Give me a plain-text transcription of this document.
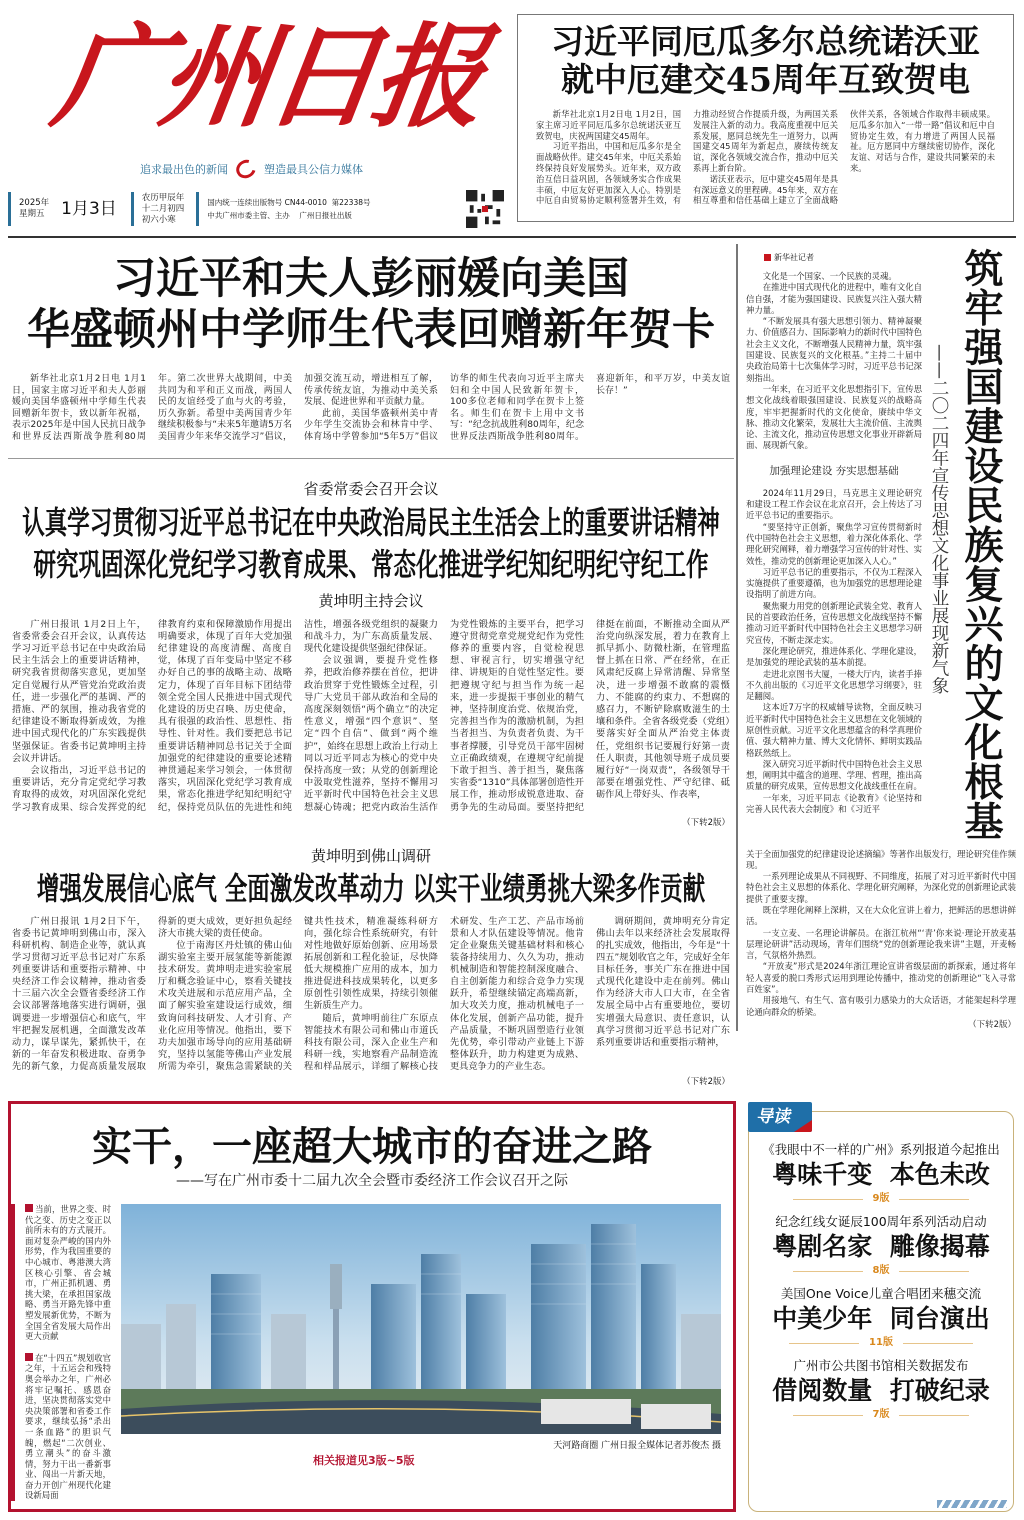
广州日报
追求最出色的新闻	塑造最具公信力媒体
2025年
星期五 1月3日
农历甲辰年
十二月初四
初六小寒
国内统一连续出版物号 CN44-0010  第22338号
中共广州市委主管、主办    广州日报社出版
习近平同厄瓜多尔总统诺沃亚
就中厄建交45周年互致贺电

新华社北京1月2日电 1月2日，国家主席习近平同厄瓜多尔总统诺沃亚互致贺电，庆祝两国建交45周年。

习近平指出，中国和厄瓜多尔是全面战略伙伴。建交45年来，中厄关系始终保持良好发展势头。近年来，双方政治互信日益巩固，各领域务实合作成果丰硕，中厄友好更加深入人心。特别是中厄自由贸易协定顺利签署并生效，有力推动经贸合作提质升级，为两国关系发展注入新的动力。我高度重视中厄关系发展，愿同总统先生一道努力，以两国建交45周年为新起点，赓续传统友谊，深化各领域交流合作，推动中厄关系再上新台阶。

诺沃亚表示，厄中建交45周年是具有深远意义的里程碑。45年来，双方在相互尊重和信任基础上建立了全面战略伙伴关系，各领域合作取得丰硕成果。厄瓜多尔加入“一带一路”倡议和厄中自贸协定生效，有力增进了两国人民福祉。厄方愿同中方继续密切协作，深化友谊、对话与合作，建设共同繁荣的未来。

习近平和夫人彭丽媛向美国
华盛顿州中学师生代表回赠新年贺卡

新华社北京1月2日电 1月1日，国家主席习近平和夫人彭丽媛向美国华盛顿州中学师生代表回赠新年贺卡，致以新年祝福，表示2025年是中国人民抗日战争和世界反法西斯战争胜利80周年。第二次世界大战期间，中美共同为和平和正义而战，两国人民的友谊经受了血与火的考验，历久弥新。希望中美两国青少年继续积极参与“未来5年邀请5万名美国青少年来华交流学习”倡议，加强交流互动，增进相互了解，传承传统友谊，为推动中美关系发展、促进世界和平贡献力量。

此前，美国华盛顿州美中青少年学生交流协会和林肯中学、体育场中学曾参加“5年5万”倡议访华的师生代表向习近平主席夫妇和全中国人民致新年贺卡，100多位老师和同学在贺卡上签名。师生们在贺卡上用中文书写：“纪念抗战胜利80周年，纪念世界反法西斯战争胜利80周年。喜迎新年，和平万岁，中美友谊长存！”

省委常委会召开会议
认真学习贯彻习近平总书记在中央政治局民主生活会上的重要讲话精神
研究巩固深化党纪学习教育成果、常态化推进学纪知纪明纪守纪工作
黄坤明主持会议

广州日报讯 1月2日上午，省委常委会召开会议，认真传达学习习近平总书记在中央政治局民主生活会上的重要讲话精神，研究我省贯彻落实意见，更加坚定自觉履行从严管党治党政治责任，进一步强化严的基调、严的措施、严的氛围，推动我省党的纪律建设不断取得新成效，为推进中国式现代化的广东实践提供坚强保证。省委书记黄坤明主持会议并讲话。

会议指出，习近平总书记的重要讲话，充分肯定党纪学习教育取得的成效，对巩固深化党纪学习教育成果、综合发挥党的纪律教育约束和保障激励作用提出明确要求，体现了百年大党加强纪律建设的高度清醒、高度自觉，体现了百年变局中坚定不移办好自己的事的战略主动、战略定力，体现了百年目标下团结带领全党全国人民推进中国式现代化建设的历史召唤、历史使命，具有很强的政治性、思想性、指导性、针对性。我们要把总书记重要讲话精神同总书记关于全面加强党的纪律建设的重要论述精神贯通起来学习领会，一体贯彻落实，巩固深化党纪学习教育成果，常态化推进学纪知纪明纪守纪，保持党员队伍的先进性和纯洁性，增强各级党组织的凝聚力和战斗力，为广东高质量发展、现代化建设提供坚强纪律保证。

会议强调，要提升党性修养，把政治修养摆在首位，把讲政治贯穿于党性锻炼全过程，引导广大党员干部从政治和全局的高度深刻领悟“两个确立”的决定性意义，增强“四个意识”、坚定“四个自信”、做到“两个维护”，始终在思想上政治上行动上同以习近平同志为核心的党中央保持高度一致；从党的创新理论中汲取党性滋养，坚持不懈用习近平新时代中国特色社会主义思想凝心铸魂；把党内政治生活作为党性锻炼的主要平台，把学习遵守贯彻党章党规党纪作为党性修养的重要内容，自觉检视思想、审视言行，切实增强守纪律、讲规矩的自觉性坚定性。要把遵规守纪与担当作为统一起来，进一步提振干事创业的精气神，坚持制度治党、依规治党，完善担当作为的激励机制，为担当者担当、为负责者负责、为干事者撑腰，引导党员干部牢固树立正确政绩观，在遵规守纪前提下敢于担当、善于担当，聚焦落实省委“1310”具体部署创造性开展工作，推动形成锐意进取、奋勇争先的生动局面。要坚持把纪律挺在前面，不断推动全面从严治党向纵深发展，着力在教育上抓早抓小、防微杜渐，在管理监督上抓在日常、严在经常，在正风肃纪反腐上异常清醒、异常坚决，进一步增强不敢腐的震慑力、不能腐的约束力、不想腐的感召力，不断铲除腐败滋生的土壤和条件。全省各级党委（党组）要落实好全面从严治党主体责任，党组织书记要履行好第一责任人职责，其他领导班子成员要履行好“一岗双责”，各级领导干部要在增强党性、严守纪律、砥砺作风上带好头、作表率，

（下转2版）
黄坤明到佛山调研
增强发展信心底气 全面激发改革动力 以实干业绩勇挑大梁多作贡献

广州日报讯 1月2日下午，省委书记黄坤明到佛山市，深入科研机构、制造企业等，就认真学习贯彻习近平总书记对广东系列重要讲话和重要指示精神、中央经济工作会议精神，推动省委十三届六次全会暨省委经济工作会议部署落地落实进行调研，强调要进一步增强信心和底气，牢牢把握发展机遇，全面激发改革动力，谋早谋先，紧抓快干，在新的一年奋发积极进取、奋勇争先的新气象，力促高质量发展取得新的更大成效，更好担负起经济大市挑大梁的责任使命。

位于南海区丹灶镇的佛山仙湖实验室主要开展氢能等新能源技术研发。黄坤明走进实验室展厅和概念验证中心，察看关键技术攻关进展和示范应用产品，全面了解实验室建设运行成效，细致询问科技研发、人才引育、产业化应用等情况。他指出，要下功夫加强市场导向的应用基础研究，坚持以氢能等佛山产业发展所需为牵引，聚焦急需紧缺的关键共性技术，精准凝练科研方向，强化综合性系统研究，有针对性地做好原始创新、应用场景拓展创新和工程化验证，尽快降低大规模推广应用的成本，加力推进促进科技成果转化，以更多原创性引领性成果，持续引领催生新质生产力。

随后，黄坤明前往广东原点智能技术有限公司和佛山市道氏科技有限公司，深入企业生产和科研一线，实地察看产品制造流程和样品展示，详细了解核心技术研发、生产工艺、产品市场前景和人才队伍建设等情况。他肯定企业聚焦关键基础材料和核心装备持续用力、久久为功，推动机械制造和智能控制深度融合、自主创新能力和综合竞争力实现跃升，希望继续锚定高端高新，加大攻关力度，推动机械电子一体化发展，创新产品功能，提升产品质量，不断巩固塑造行业领先优势，牵引带动产业链上下游整体跃升，助力构建更为成熟、更具竞争力的产业生态。

调研期间，黄坤明充分肯定佛山去年以来经济社会发展取得的扎实成效，他指出，今年是“十四五”规划收官之年，完成好全年目标任务，事关广东在推进中国式现代化建设中走在前列。佛山作为经济大市人口大市，在全省发展全局中占有重要地位，要切实增强大局意识、责任意识，认真学习贯彻习近平总书记对广东系列重要讲话和重要指示精神，

（下转2版）
新华社记者

文化是一个国家、一个民族的灵魂。

在推进中国式现代化的进程中，唯有文化自信自强，才能为强国建设、民族复兴注入强大精神力量。

“不断发展具有强大思想引领力、精神凝聚力、价值感召力、国际影响力的新时代中国特色社会主义文化，不断增强人民精神力量，筑牢强国建设、民族复兴的文化根基。”主持二十届中央政治局第十七次集体学习时，习近平总书记深刻指出。

一年来，在习近平文化思想指引下，宣传思想文化战线着眼强国建设、民族复兴的战略高度，牢牢把握新时代的文化使命，赓续中华文脉、推动文化繁荣，发展壮大主流价值、主流舆论、主流文化，推动宣传思想文化事业开辟新局面、展现新气象。

加强理论建设 夯实思想基础

2024年11月29日，马克思主义理论研究和建设工程工作会议在北京召开，会上传达了习近平总书记的重要指示。

“要坚持守正创新，聚焦学习宣传贯彻新时代中国特色社会主义思想，着力深化体系化、学理化研究阐释，着力增强学习宣传的针对性、实效性，推动党的创新理论更加深入人心。”

习近平总书记的重要指示，不仅为工程深入实施提供了重要遵循，也为加强党的思想理论建设指明了前进方向。

聚焦聚力用党的创新理论武装全党、教育人民的首要政治任务，宣传思想文化战线坚持不懈推动习近平新时代中国特色社会主义思想学习研究宣传，不断走深走实。

深化理论研究，推进体系化、学理化建设，是加强党的理论武装的基本前提。

走进北京图书大厦，一楼大厅内，读者手捧不久前出版的《习近平文化思想学习纲要》，驻足翻阅。

这本近7万字的权威辅导读物，全面反映习近平新时代中国特色社会主义思想在文化领域的原创性贡献。习近平文化思想蕴含的科学真理价值、强大精神力量、博大文化情怀、鲜明实践品格跃然纸上。

深入研究习近平新时代中国特色社会主义思想，阐明其中蕴含的道理、学理、哲理，推出高质量的研究成果，宣传思想文化战线重任在肩。

一年来，习近平同志《论教育》《论坚持和完善人民代表大会制度》和《习近平

——二〇二四年宣传思想文化事业展现新气象 筑牢强国建设民族复兴的文化根基

关于全面加强党的纪律建设论述摘编》等著作出版发行，理论研究佳作频现。

一系列理论成果从不同视野、不同维度，拓展了对习近平新时代中国特色社会主义思想的体系化、学理化研究阐释，为深化党的创新理论武装提供了重要支撑。

既在学理化阐释上深耕，又在大众化宣讲上着力，把鲜活的思想讲鲜活。

一支立麦、一名理论讲解员。在浙江杭州“‘青’你来说·理论开放麦基层理论研讲”活动现场，青年们围绕“党的创新理论我来讲”主题，开麦畅言，气氛格外热烈。

“开放麦”形式是2024年浙江理论宣讲省级层面的新探索，通过将年轻人喜爱的脱口秀形式运用到理论传播中，推动党的创新理论“飞入寻常百姓家”。

用接地气、有生气、富有吸引力感染力的大众话语，才能架起科学理论通向群众的桥梁。

（下转2版）
实干，一座超大城市的奋进之路
——写在广州市委十二届九次全会暨市委经济工作会议召开之际

当前，世界之变、时代之变、历史之变正以前所未有的方式展开。面对复杂严峻的国内外形势，作为我国重要的中心城市、粤港澳大湾区核心引擎、省会城市，广州正抓机遇、勇挑大梁，在承担国家战略、勇当开路先锋中重塑发展新优势，不断为全国全省发展大局作出更大贡献

在“十四五”规划收官之年，十五运会和残特奥会举办之年，广州必将牢记嘱托、感恩奋进，坚决贯彻落实党中央决策部署和省委工作要求，继续弘扬“杀出一条血路”的胆识气魄，燃起“二次创业、勇立潮头”的奋斗激情，努力干出一番新事业、闯出一片新天地，奋力开创广州现代化建设新局面

天河路商圈 广州日报全媒体记者苏俊杰 摄
相关报道见3版~5版
导读
《我眼中不一样的广州》系列报道今起推出
粤味千变  本色未改
9版
纪念红线女诞辰100周年系列活动启动
粤剧名家  雕像揭幕
8版
美国One Voice儿童合唱团来穗交流
中美少年  同台演出
11版
广州市公共图书馆相关数据发布
借阅数量  打破纪录
7版
